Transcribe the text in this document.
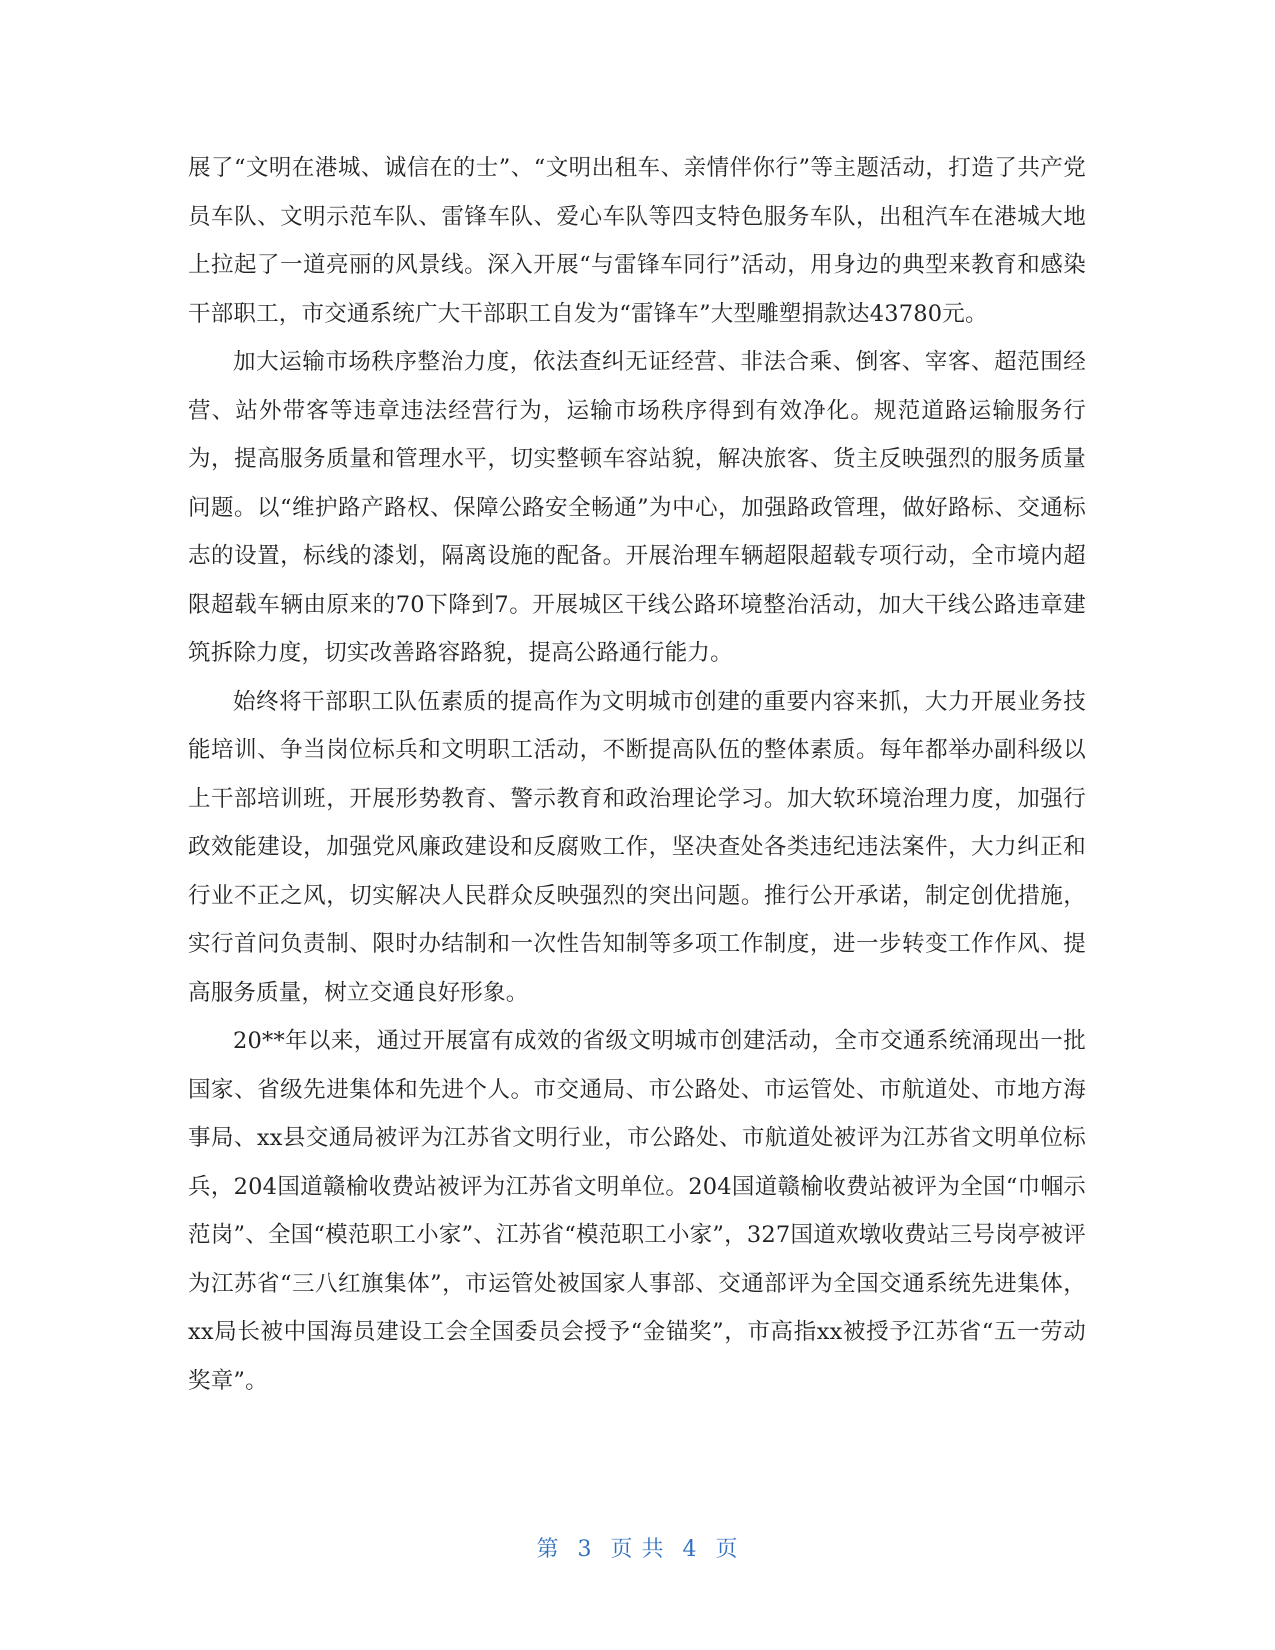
展了“文明在港城、诚信在的士”、“文明出租车、亲情伴你行”等主题活动，打造了共产党员车队、文明示范车队、雷锋车队、爱心车队等四支特色服务车队，出租汽车在港城大地上拉起了一道亮丽的风景线。深入开展“与雷锋车同行”活动，用身边的典型来教育和感染干部职工，市交通系统广大干部职工自发为“雷锋车”大型雕塑捐款达43780元。

加大运输市场秩序整治力度，依法查纠无证经营、非法合乘、倒客、宰客、超范围经营、站外带客等违章违法经营行为，运输市场秩序得到有效净化。规范道路运输服务行为，提高服务质量和管理水平，切实整顿车容站貌，解决旅客、货主反映强烈的服务质量问题。以“维护路产路权、保障公路安全畅通”为中心，加强路政管理，做好路标、交通标志的设置，标线的漆划，隔离设施的配备。开展治理车辆超限超载专项行动，全市境内超限超载车辆由原来的70下降到7。开展城区干线公路环境整治活动，加大干线公路违章建筑拆除力度，切实改善路容路貌，提高公路通行能力。

始终将干部职工队伍素质的提高作为文明城市创建的重要内容来抓，大力开展业务技能培训、争当岗位标兵和文明职工活动，不断提高队伍的整体素质。每年都举办副科级以上干部培训班，开展形势教育、警示教育和政治理论学习。加大软环境治理力度，加强行政效能建设，加强党风廉政建设和反腐败工作，坚决查处各类违纪违法案件，大力纠正和行业不正之风，切实解决人民群众反映强烈的突出问题。推行公开承诺，制定创优措施，实行首问负责制、限时办结制和一次性告知制等多项工作制度，进一步转变工作作风、提高服务质量，树立交通良好形象。

20**年以来，通过开展富有成效的省级文明城市创建活动，全市交通系统涌现出一批国家、省级先进集体和先进个人。市交通局、市公路处、市运管处、市航道处、市地方海事局、xx县交通局被评为江苏省文明行业，市公路处、市航道处被评为江苏省文明单位标兵，204国道赣榆收费站被评为江苏省文明单位。204国道赣榆收费站被评为全国“巾帼示范岗”、全国“模范职工小家”、江苏省“模范职工小家”，327国道欢墩收费站三号岗亭被评为江苏省“三八红旗集体”，市运管处被国家人事部、交通部评为全国交通系统先进集体，xx局长被中国海员建设工会全国委员会授予“金锚奖”，市高指xx被授予江苏省“五一劳动奖章”。

第 3 页 共 4 页
